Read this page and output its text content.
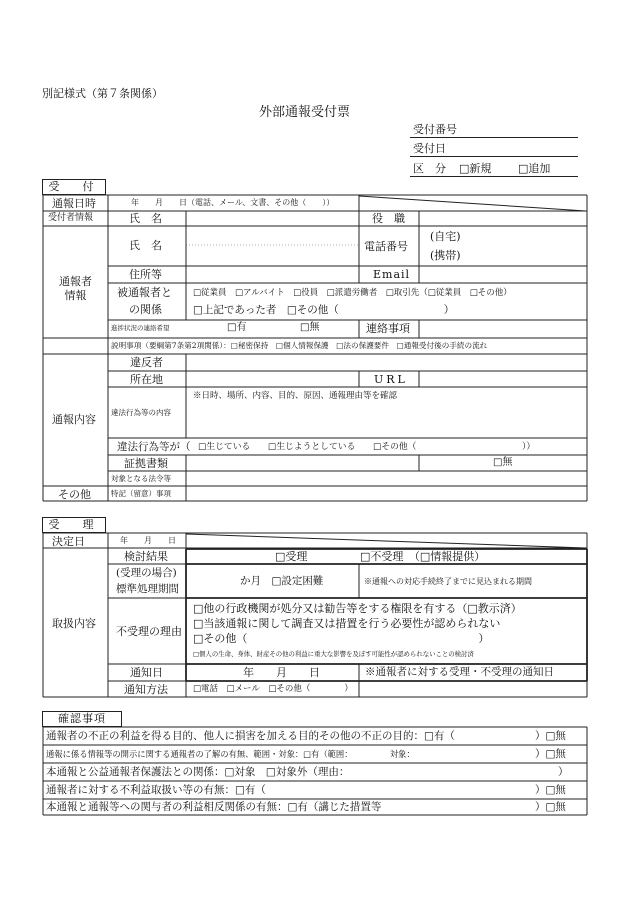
別記様式（第７条関係）
外部通報受付票
受付番号
受付日
区　分 □新規 □追加
受　付
通報日時	年　　月　　日（電話、メール、文書、その他（　　））
受付者情報	氏　名	役　職
通報者
情報
氏　名	電話番号
(自宅)
(携帯)
住所等	Email
被通報者と
の関係
□従業員　□アルバイト　□役員　□派遣労働者　□取引先（□従業員　□その他）
□上記であった者　□その他（　　　　　　　　　　）
進捗状況の連絡希望	□有	□無	連絡事項
説明事項（要綱第7条第2項関係）：□秘密保持　□個人情報保護　□法の保護要件　□通報受付後の手続の流れ
通報内容
違反者
所在地	URL
違法行為等の内容
※日時、場所、内容、目的、原因、通報理由等を確認
違法行為等が（ □生じている　　□生じようとしている　　□その他（　　　　　　　　　　　　））
証拠書類	□無
対象となる法令等
その他	特記（留意）事項
受　理
決定日	年　　月　　日
取扱内容
検討結果	□受理	□不受理　（□情報提供）
(受理の場合)
標準処理期間
か月　□設定困難	※通報への対応手続終了までに見込まれる期間
不受理の理由
□他の行政機関が処分又は勧告等をする権限を有する（□教示済）
□当該通報に関して調査又は措置を行う必要性が認められない
□その他（　　　　　　　　　　　　　　　　　　　　　）
□個人の生命、身体、財産その他の利益に重大な影響を及ぼす可能性が認められないことの検討済
通知日	年　　月　　日	※通報者に対する受理・不受理の通知日
通知方法	□電話　□メール　□その他（　　　　）
確認事項
通報者の不正の利益を得る目的、他人に損害を加える目的その他の不正の目的：□有（	）□無
通報に係る情報等の開示に関する通報者の了解の有無、範囲・対象：□有（範囲：　　　　　対象：	）□無
本通報と公益通報者保護法との関係：□対象　□対象外（理由：	）
通報者に対する不利益取扱い等の有無：□有（	）□無
本通報と通報等への関与者の利益相反関係の有無：□有（講じた措置等	）□無
